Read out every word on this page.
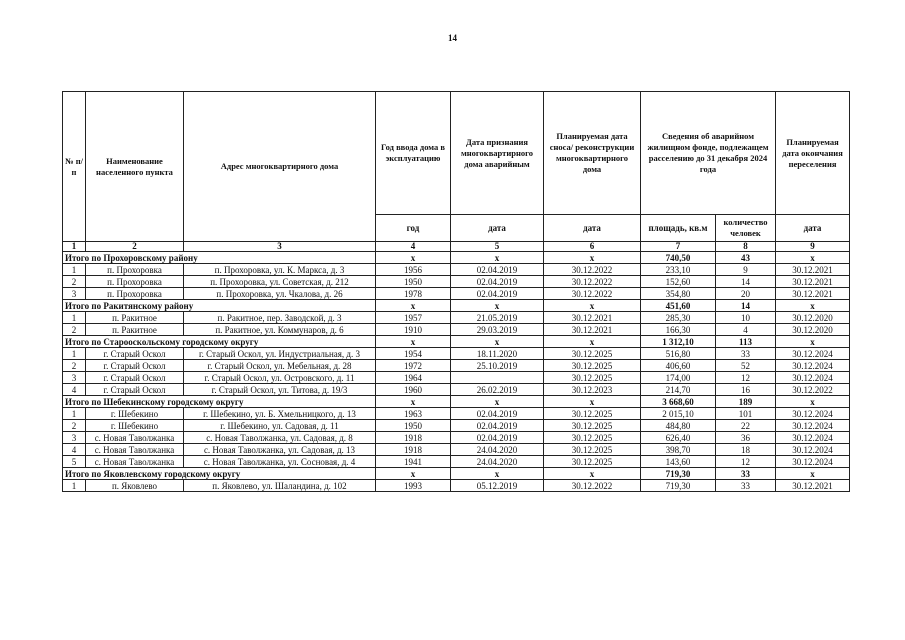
14
№ п/п	Наименование населенного пункта	Адрес многоквартирного дома	Год ввода дома в эксплуатацию	Дата признания многоквартирного дома аварийным	Планируемая дата сноса/ реконструкции многоквартирного дома	Сведения об аварийном жилищном фонде, подлежащем расселению до 31 декабря 2024 года		Планируемая дата окончания переселения
			год	дата	дата	площадь, кв.м	количество человек	дата
1	2	3	4	5	6	7	8	9
Итого по Прохоровскому району			x	x	x	740,50	43	x
1	п. Прохоровка	п. Прохоровка, ул. К. Маркса, д. 3	1956	02.04.2019	30.12.2022	233,10	9	30.12.2021
2	п. Прохоровка	п. Прохоровка, ул. Советская, д. 212	1950	02.04.2019	30.12.2022	152,60	14	30.12.2021
3	п. Прохоровка	п. Прохоровка, ул. Чкалова, д. 26	1978	02.04.2019	30.12.2022	354,80	20	30.12.2021
Итого по Ракитянскому району			x	x	x	451,60	14	x
1	п. Ракитное	п. Ракитное, пер. Заводской, д. 3	1957	21.05.2019	30.12.2021	285,30	10	30.12.2020
2	п. Ракитное	п. Ракитное, ул. Коммунаров, д. 6	1910	29.03.2019	30.12.2021	166,30	4	30.12.2020
Итого по Старооскольскому городскому округу			x	x	x	1 312,10	113	x
1	г. Старый Оскол	г. Старый Оскол, ул. Индустриальная, д. 3	1954	18.11.2020	30.12.2025	516,80	33	30.12.2024
2	г. Старый Оскол	г. Старый Оскол, ул. Мебельная, д. 28	1972	25.10.2019	30.12.2025	406,60	52	30.12.2024
3	г. Старый Оскол	г. Старый Оскол, ул. Островского, д. 11	1964		30.12.2025	174,00	12	30.12.2024
4	г. Старый Оскол	г. Старый Оскол, ул. Титова, д. 19/3	1960	26.02.2019	30.12.2023	214,70	16	30.12.2022
Итого по Шебекинскому городскому округу			x	x	x	3 668,60	189	x
1	г. Шебекино	г. Шебекино, ул. Б. Хмельницкого, д. 13	1963	02.04.2019	30.12.2025	2 015,10	101	30.12.2024
2	г. Шебекино	г. Шебекино, ул. Садовая, д. 11	1950	02.04.2019	30.12.2025	484,80	22	30.12.2024
3	с. Новая Таволжанка	с. Новая Таволжанка, ул. Садовая, д. 8	1918	02.04.2019	30.12.2025	626,40	36	30.12.2024
4	с. Новая Таволжанка	с. Новая Таволжанка, ул. Садовая, д. 13	1918	24.04.2020	30.12.2025	398,70	18	30.12.2024
5	с. Новая Таволжанка	с. Новая Таволжанка, ул. Сосновая, д. 4	1941	24.04.2020	30.12.2025	143,60	12	30.12.2024
Итого по Яковлевскому городскому округу			x	x	x	719,30	33	x
1	п. Яковлево	п. Яковлево, ул. Шаландина, д. 102	1993	05.12.2019	30.12.2022	719,30	33	30.12.2021
